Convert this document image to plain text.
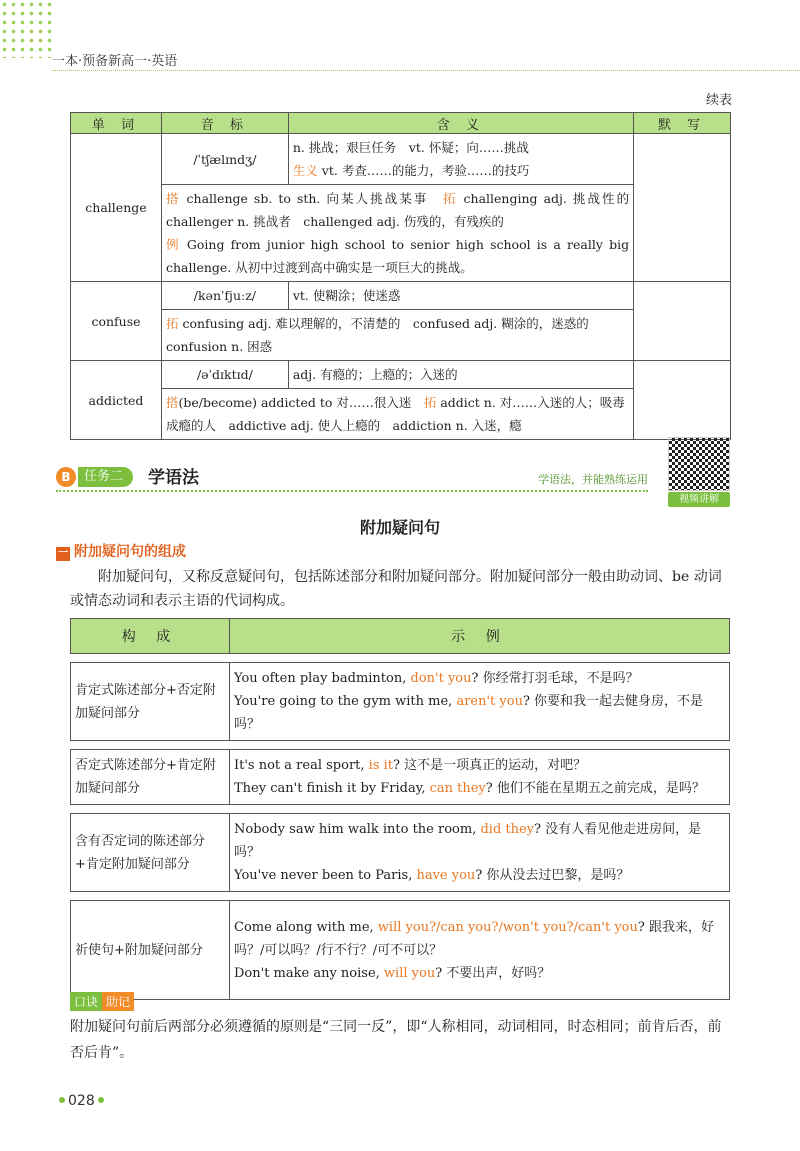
一本·预备新高一·英语
续表
单 词	音 标	含 义	默 写
challenge	/ˈtʃælɪndʒ/	n. 挑战；艰巨任务　vt. 怀疑；向……挑战
生义 vt. 考查……的能力，考验……的技巧	

	搭 challenge sb. to sth. 向某人挑战某事　拓 challenging adj. 挑战性的 challenger n. 挑战者　challenged adj. 伤残的，有残疾的
例 Going from junior high school to senior high school is a really big challenge. 从初中过渡到高中确实是一项巨大的挑战。		
confuse	/kənˈfjuːz/	vt. 使糊涂；使迷惑	
	拓 confusing adj. 难以理解的，不清楚的　confused adj. 糊涂的，迷惑的 confusion n. 困惑		
addicted	/əˈdɪktɪd/	adj. 有瘾的；上瘾的；入迷的	
	搭(be/become) addicted to 对……很入迷　拓 addict n. 对……入迷的人；吸毒成瘾的人　addictive adj. 使人上瘾的　addiction n. 入迷，瘾		
B	任务二	学语法	学语法，并能熟练运用
视频讲解
附加疑问句
一 附加疑问句的组成
附加疑问句，又称反意疑问句，包括陈述部分和附加疑问部分。附加疑问部分一般由助动词、be 动词或情态动词和表示主语的代词构成。
构 成	示 例

肯定式陈述部分+否定附加疑问部分	You often play badminton, don't you? 你经常打羽毛球，不是吗？
You're going to the gym with me, aren't you? 你要和我一起去健身房，不是吗？

否定式陈述部分+肯定附加疑问部分	It's not a real sport, is it? 这不是一项真正的运动，对吧？
They can't finish it by Friday, can they? 他们不能在星期五之前完成，是吗？

含有否定词的陈述部分+肯定附加疑问部分	Nobody saw him walk into the room, did they? 没有人看见他走进房间，是吗？
You've never been to Paris, have you? 你从没去过巴黎，是吗？

祈使句+附加疑问部分	Come along with me, will you?/can you?/won't you?/can't you? 跟我来，好吗？/可以吗？/行不行？/可不可以？
Don't make any noise, will you? 不要出声，好吗？
口诀 助记
附加疑问句前后两部分必须遵循的原则是“三同一反”，即“人称相同，动词相同，时态相同；前肯后否，前否后肯”。
028
